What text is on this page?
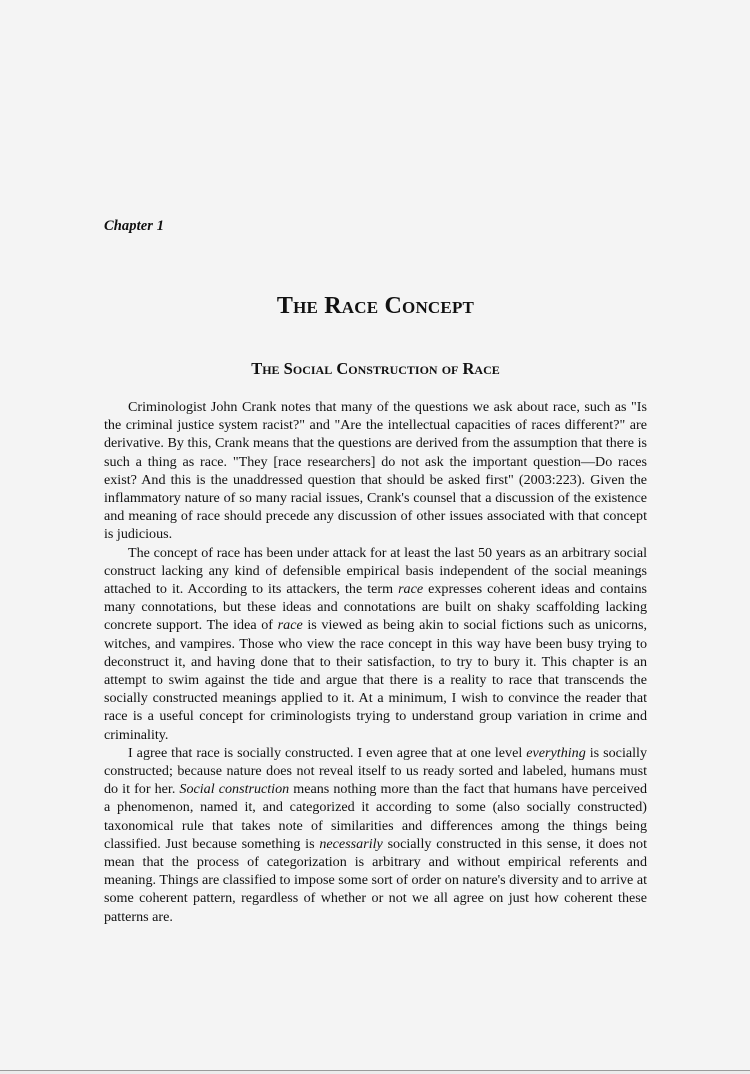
Chapter 1
The Race Concept
The Social Construction of Race

Criminologist John Crank notes that many of the questions we ask about race, such as "Is the criminal justice system racist?" and "Are the intellectual capacities of races different?" are derivative. By this, Crank means that the questions are derived from the assumption that there is such a thing as race. "They [race researchers] do not ask the important question—Do races exist? And this is the unaddressed question that should be asked first" (2003:223). Given the inflammatory nature of so many racial issues, Crank's counsel that a discussion of the existence and meaning of race should precede any discussion of other issues associated with that concept is judicious.

The concept of race has been under attack for at least the last 50 years as an arbitrary social construct lacking any kind of defensible empirical basis independent of the social meanings attached to it. According to its attackers, the term race expresses coherent ideas and contains many connotations, but these ideas and connotations are built on shaky scaffolding lacking concrete support. The idea of race is viewed as being akin to social fictions such as unicorns, witches, and vampires. Those who view the race concept in this way have been busy trying to deconstruct it, and having done that to their satisfaction, to try to bury it. This chapter is an attempt to swim against the tide and argue that there is a reality to race that transcends the socially constructed meanings applied to it. At a minimum, I wish to convince the reader that race is a useful concept for criminologists trying to understand group variation in crime and criminality.

I agree that race is socially constructed. I even agree that at one level everything is socially constructed; because nature does not reveal itself to us ready sorted and labeled, humans must do it for her. Social construction means nothing more than the fact that humans have perceived a phenomenon, named it, and categorized it according to some (also socially constructed) taxonomical rule that takes note of similarities and differences among the things being classified. Just because something is necessarily socially constructed in this sense, it does not mean that the process of categorization is arbitrary and without empirical referents and meaning. Things are classified to impose some sort of order on nature's diversity and to arrive at some coherent pattern, regardless of whether or not we all agree on just how coherent these patterns are.
